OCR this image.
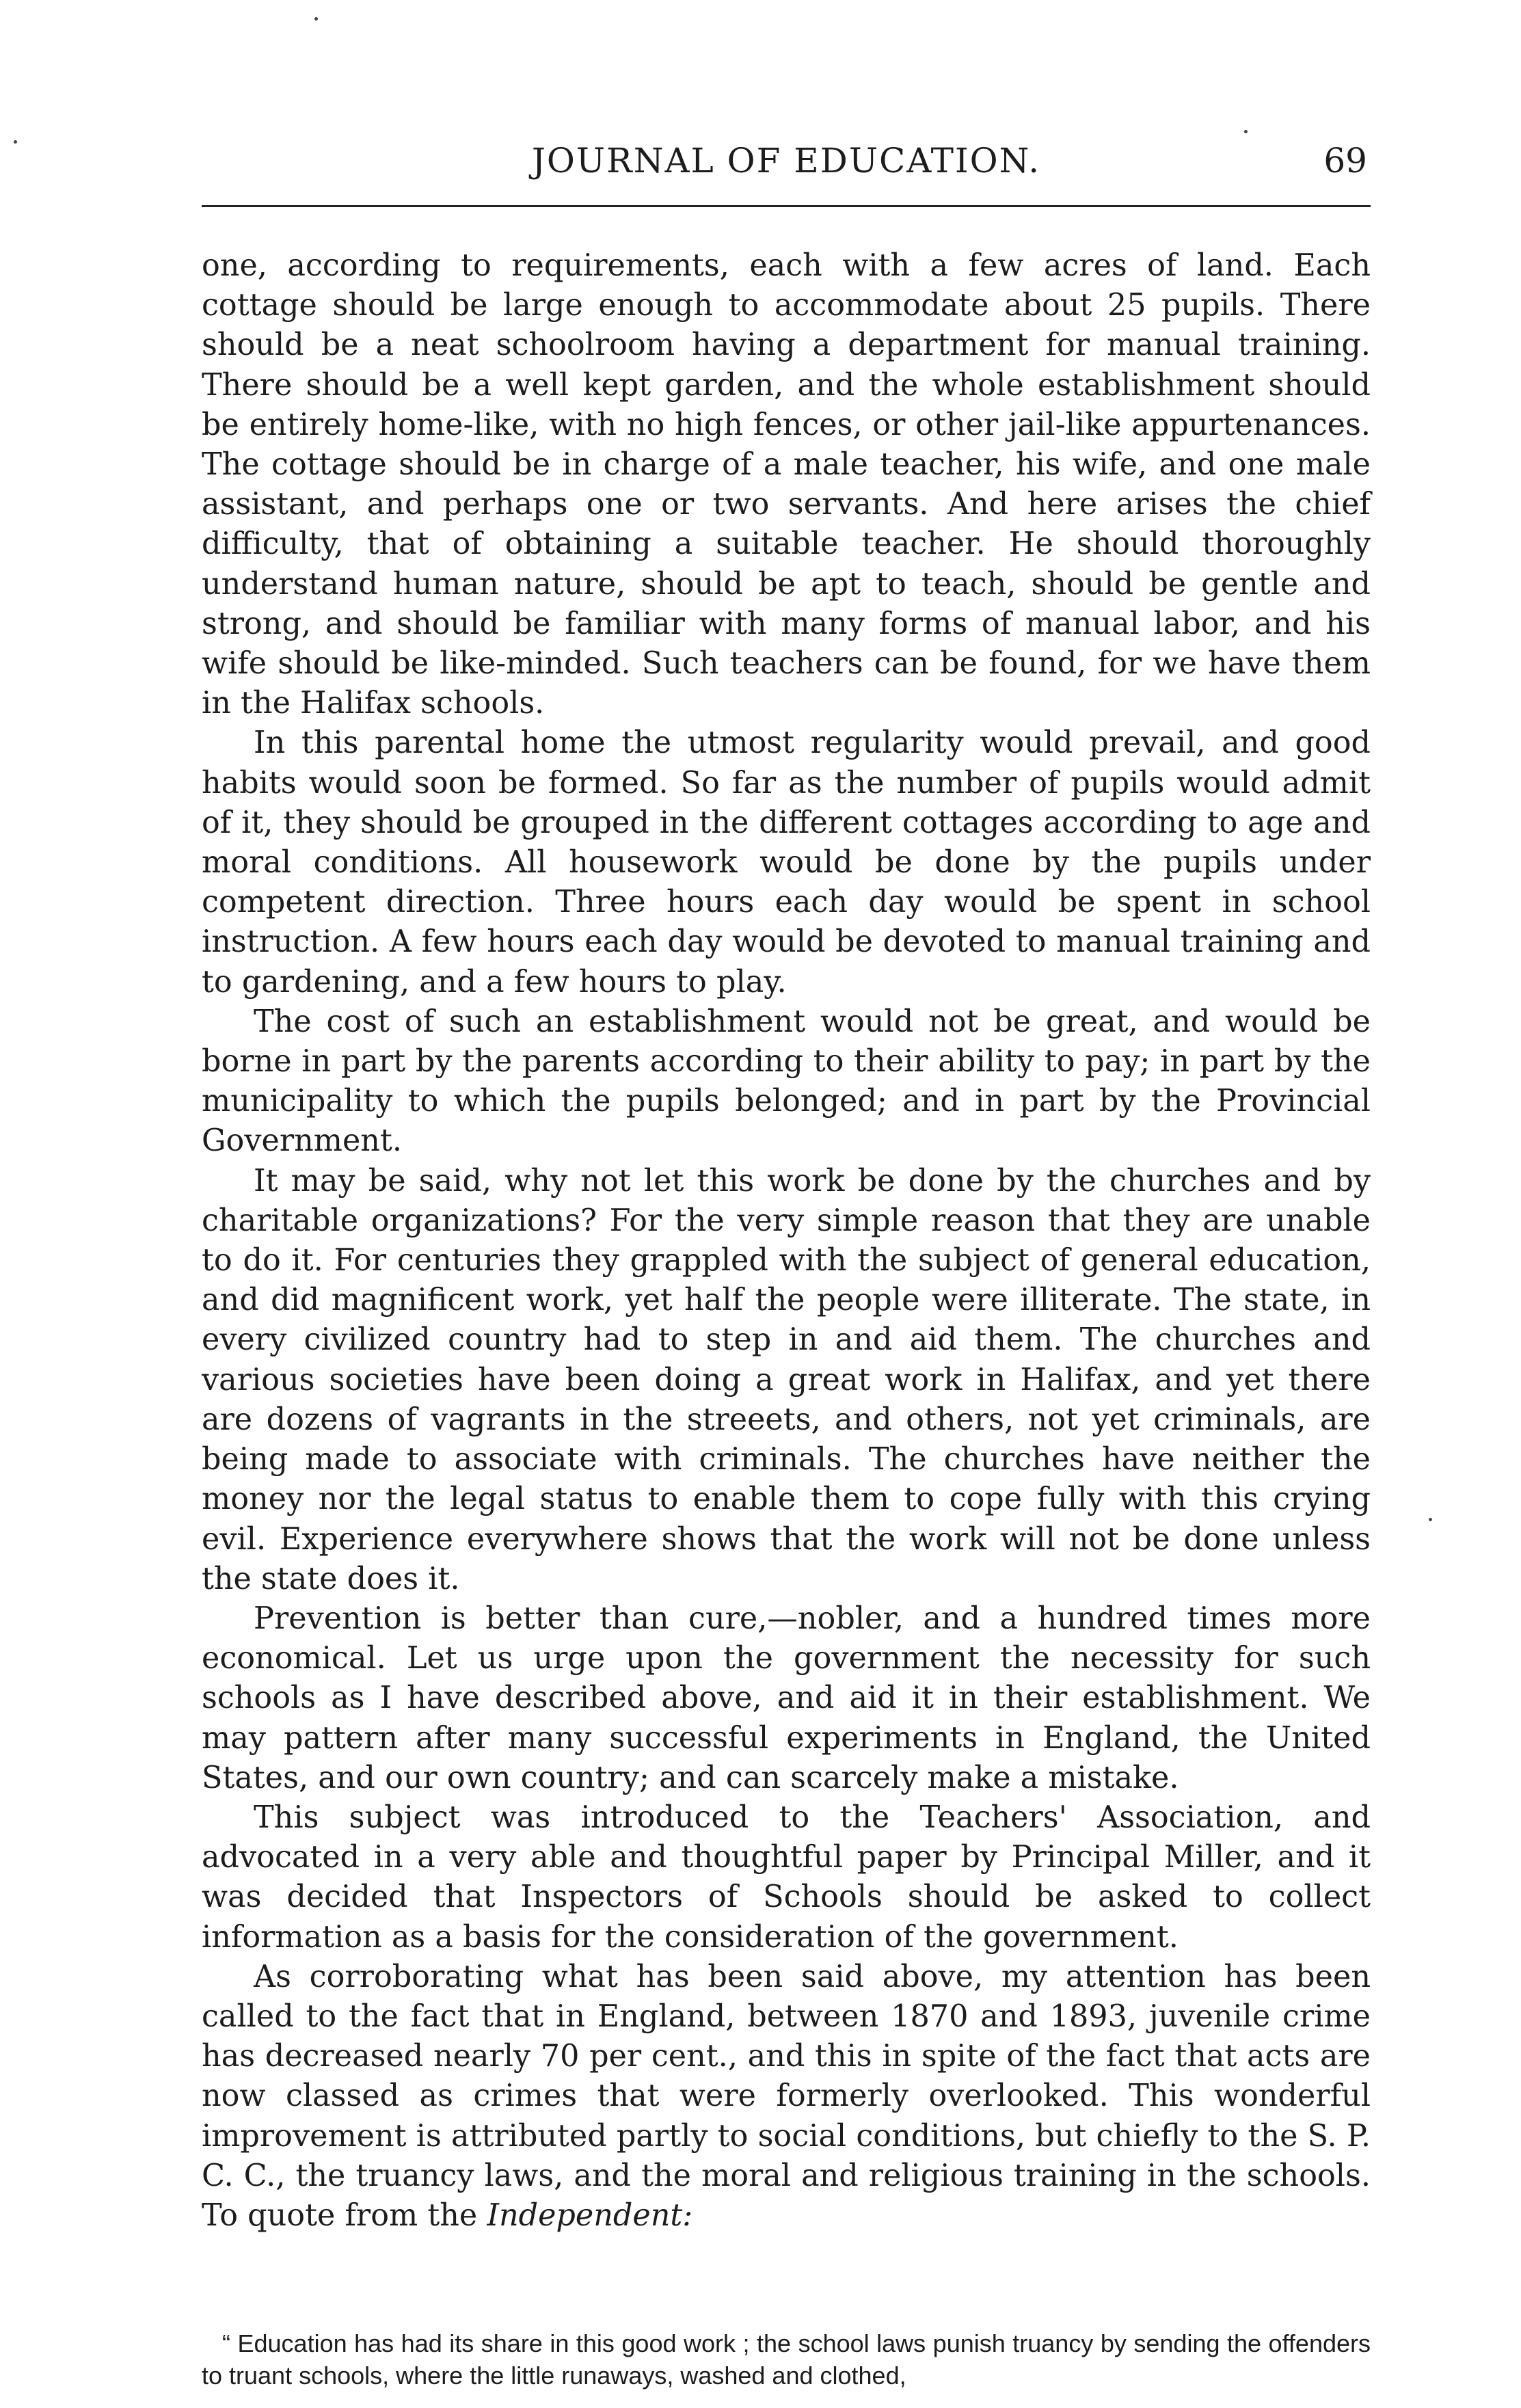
JOURNAL OF EDUCATION.	69

one, according to requirements, each with a few acres of land. Each cottage should be large enough to accommodate about 25 pupils. There should be a neat schoolroom having a department for manual training. There should be a well kept garden, and the whole establishment should be entirely home-like, with no high fences, or other jail-like appurtenances. The cottage should be in charge of a male teacher, his wife, and one male assistant, and perhaps one or two servants. And here arises the chief difficulty, that of obtaining a suitable teacher. He should thoroughly understand human nature, should be apt to teach, should be gentle and strong, and should be familiar with many forms of manual labor, and his wife should be like-minded. Such teachers can be found, for we have them in the Halifax schools.

In this parental home the utmost regularity would prevail, and good habits would soon be formed. So far as the number of pupils would admit of it, they should be grouped in the different cottages according to age and moral conditions. All housework would be done by the pupils under competent direction. Three hours each day would be spent in school instruction. A few hours each day would be devoted to manual training and to gardening, and a few hours to play.

The cost of such an establishment would not be great, and would be borne in part by the parents according to their ability to pay; in part by the municipality to which the pupils belonged; and in part by the Provincial Government.

It may be said, why not let this work be done by the churches and by charitable organizations? For the very simple reason that they are unable to do it. For centuries they grappled with the subject of general education, and did magnificent work, yet half the people were illiterate. The state, in every civilized country had to step in and aid them. The churches and various societies have been doing a great work in Halifax, and yet there are dozens of vagrants in the streeets, and others, not yet criminals, are being made to associate with criminals. The churches have neither the money nor the legal status to enable them to cope fully with this crying evil. Experience everywhere shows that the work will not be done unless the state does it.

Prevention is better than cure,—nobler, and a hundred times more economical. Let us urge upon the government the necessity for such schools as I have described above, and aid it in their establishment. We may pattern after many successful experiments in England, the United States, and our own country; and can scarcely make a mistake.

This subject was introduced to the Teachers' Association, and advocated in a very able and thoughtful paper by Principal Miller, and it was decided that Inspectors of Schools should be asked to collect information as a basis for the consideration of the government.

As corroborating what has been said above, my attention has been called to the fact that in England, between 1870 and 1893, juvenile crime has decreased nearly 70 per cent., and this in spite of the fact that acts are now classed as crimes that were formerly overlooked. This wonderful improvement is attributed partly to social conditions, but chiefly to the S. P. C. C., the truancy laws, and the moral and religious training in the schools. To quote from the Independent:

“ Education has had its share in this good work ; the school laws punish truancy by sending the offenders to truant schools, where the little runaways, washed and clothed,
